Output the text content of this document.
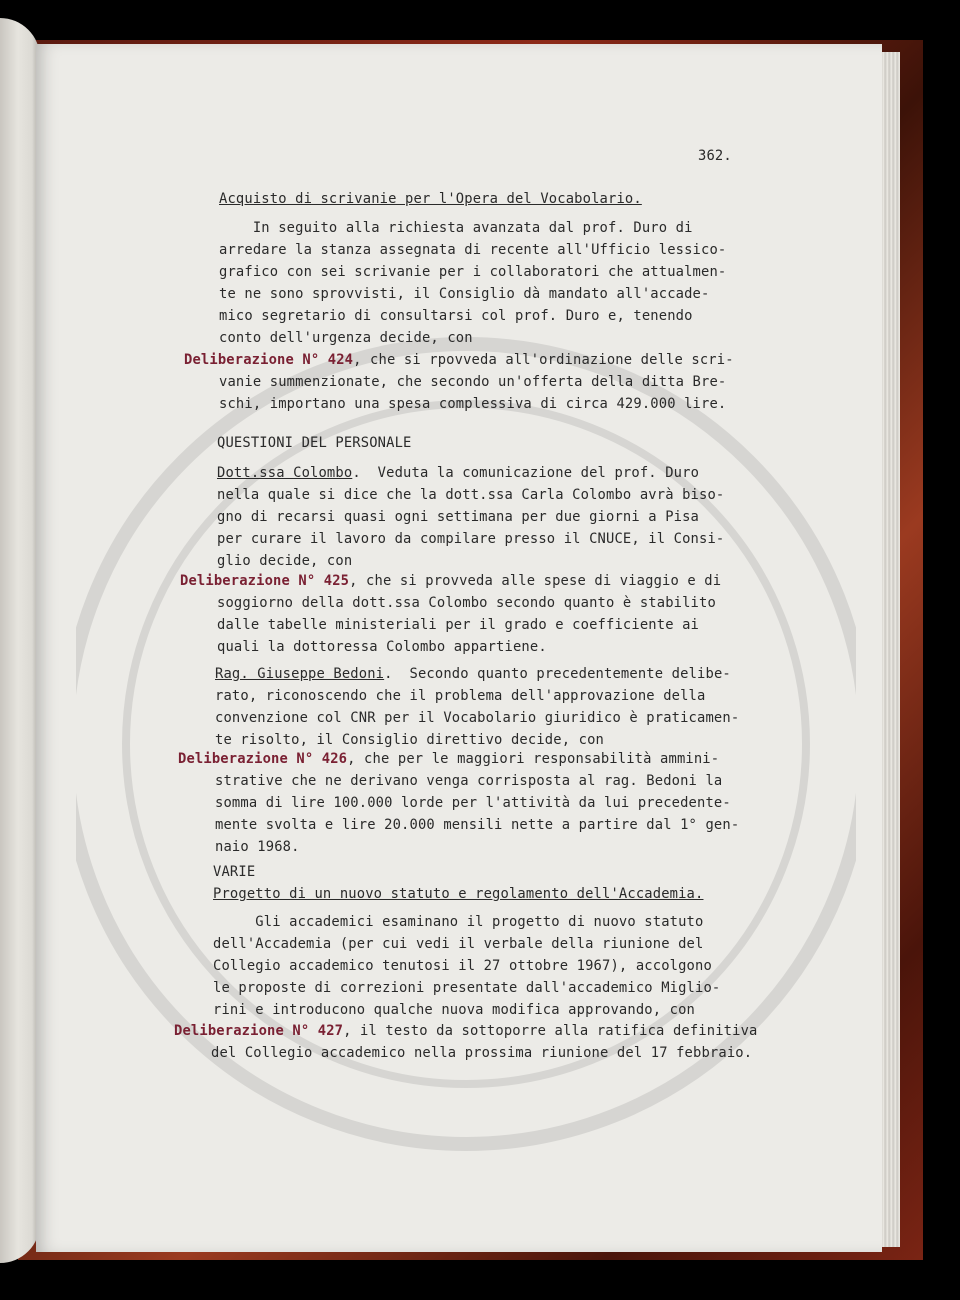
362.
Acquisto di scrivanie per l'Opera del Vocabolario.
In seguito alla richiesta avanzata dal prof. Duro di
arredare la stanza assegnata di recente all'Ufficio lessico-
grafico con sei scrivanie per i collaboratori che attualmen-
te ne sono sprovvisti, il Consiglio dà mandato all'accade-
mico segretario di consultarsi col prof. Duro e, tenendo
conto dell'urgenza decide, con
Deliberazione N° 424, che si rpovveda all'ordinazione delle scri-
vanie summenzionate, che secondo un'offerta della ditta Bre-
schi, importano una spesa complessiva di circa 429.000 lire.
QUESTIONI DEL PERSONALE
Dott.ssa Colombo.  Veduta la comunicazione del prof. Duro
nella quale si dice che la dott.ssa Carla Colombo avrà biso-
gno di recarsi quasi ogni settimana per due giorni a Pisa
per curare il lavoro da compilare presso il CNUCE, il Consi-
glio decide, con
Deliberazione N° 425, che si provveda alle spese di viaggio e di
soggiorno della dott.ssa Colombo secondo quanto è stabilito
dalle tabelle ministeriali per il grado e coefficiente ai
quali la dottoressa Colombo appartiene.
Rag. Giuseppe Bedoni.  Secondo quanto precedentemente delibe-
rato, riconoscendo che il problema dell'approvazione della
convenzione col CNR per il Vocabolario giuridico è praticamen-
te risolto, il Consiglio direttivo decide, con
Deliberazione N° 426, che per le maggiori responsabilità ammini-
strative che ne derivano venga corrisposta al rag. Bedoni la
somma di lire 100.000 lorde per l'attività da lui precedente-
mente svolta e lire 20.000 mensili nette a partire dal 1° gen-
naio 1968.
VARIE
Progetto di un nuovo statuto e regolamento dell'Accademia.
Gli accademici esaminano il progetto di nuovo statuto
dell'Accademia (per cui vedi il verbale della riunione del
Collegio accademico tenutosi il 27 ottobre 1967), accolgono
le proposte di correzioni presentate dall'accademico Miglio-
rini e introducono qualche nuova modifica approvando, con
Deliberazione N° 427, il testo da sottoporre alla ratifica definitiva
del Collegio accademico nella prossima riunione del 17 febbraio.
